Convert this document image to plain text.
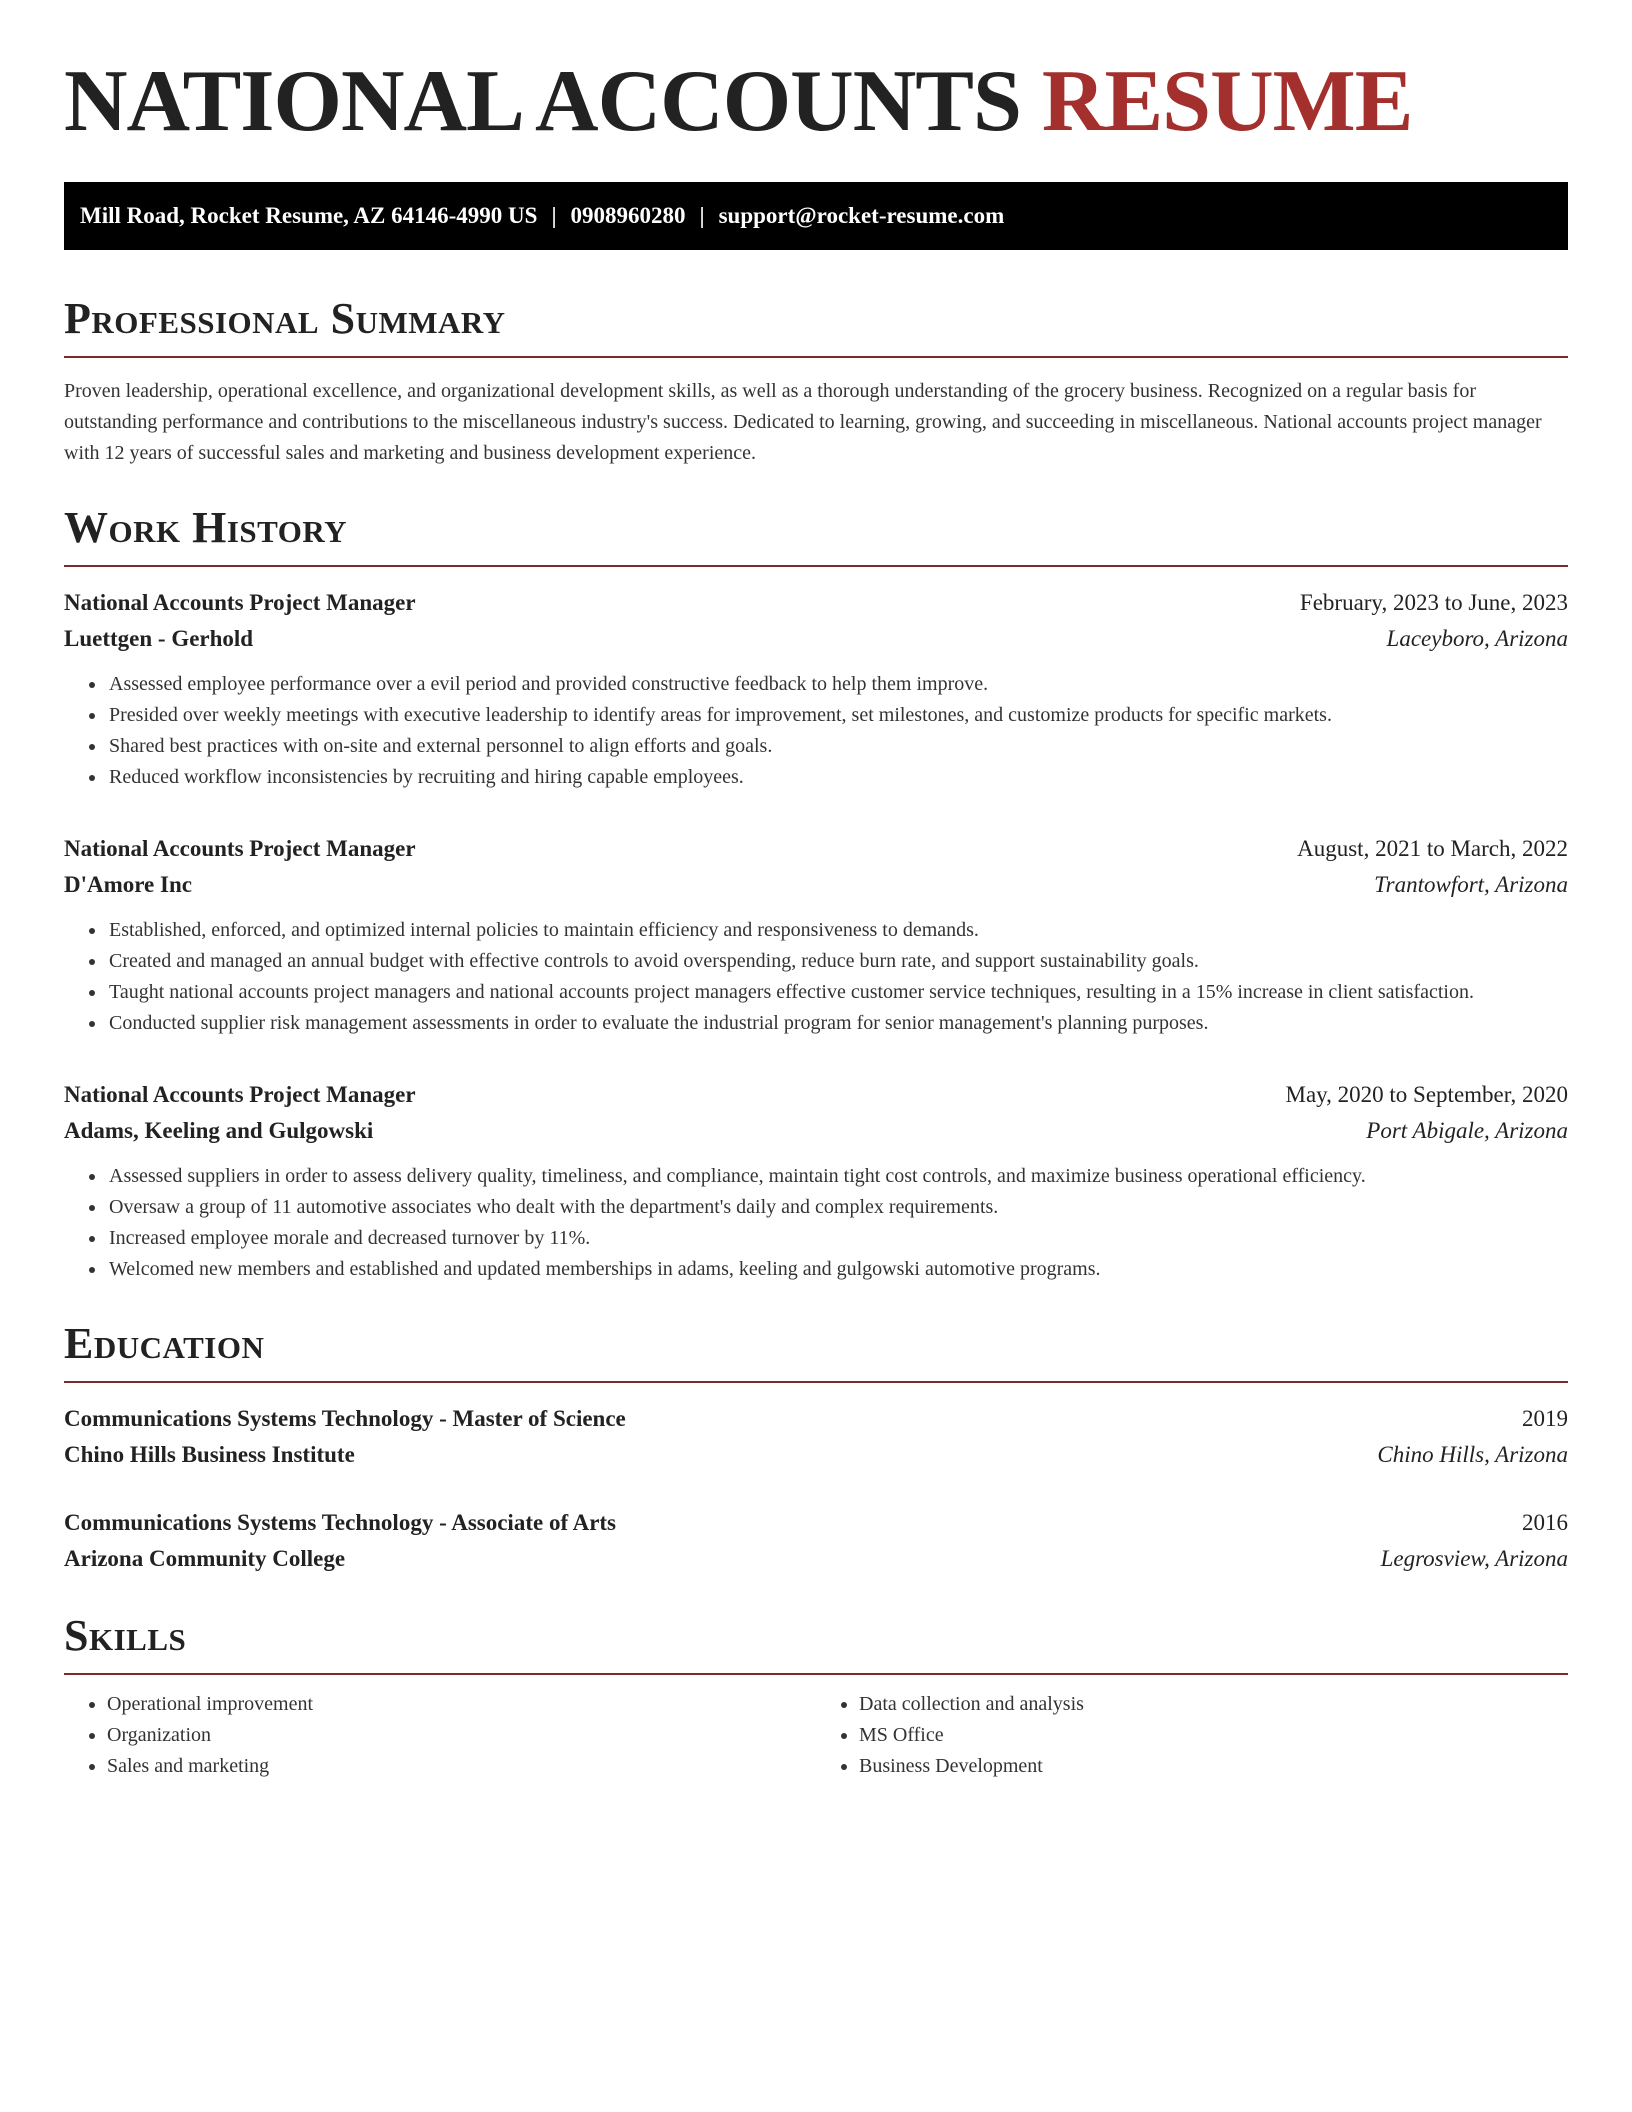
NATIONAL ACCOUNTS RESUME
Mill Road, Rocket Resume, AZ 64146-4990 US | 0908960280 | support@rocket-resume.com
Professional Summary

Proven leadership, operational excellence, and organizational development skills, as well as a thorough understanding of the grocery business. Recognized on a regular basis for outstanding performance and contributions to the miscellaneous industry's success. Dedicated to learning, growing, and succeeding in miscellaneous. National accounts project manager with 12 years of successful sales and marketing and business development experience.

Work History
National Accounts Project Manager	February, 2023 to June, 2023
Luettgen - Gerhold	Laceyboro, Arizona
• Assessed employee performance over a evil period and provided constructive feedback to help them improve.
• Presided over weekly meetings with executive leadership to identify areas for improvement, set milestones, and customize products for specific markets.
• Shared best practices with on-site and external personnel to align efforts and goals.
• Reduced workflow inconsistencies by recruiting and hiring capable employees.
National Accounts Project Manager	August, 2021 to March, 2022
D'Amore Inc	Trantowfort, Arizona
• Established, enforced, and optimized internal policies to maintain efficiency and responsiveness to demands.
• Created and managed an annual budget with effective controls to avoid overspending, reduce burn rate, and support sustainability goals.
• Taught national accounts project managers and national accounts project managers effective customer service techniques, resulting in a 15% increase in client satisfaction.
• Conducted supplier risk management assessments in order to evaluate the industrial program for senior management's planning purposes.
National Accounts Project Manager	May, 2020 to September, 2020
Adams, Keeling and Gulgowski	Port Abigale, Arizona
• Assessed suppliers in order to assess delivery quality, timeliness, and compliance, maintain tight cost controls, and maximize business operational efficiency.
• Oversaw a group of 11 automotive associates who dealt with the department's daily and complex requirements.
• Increased employee morale and decreased turnover by 11%.
• Welcomed new members and established and updated memberships in adams, keeling and gulgowski automotive programs.
Education
Communications Systems Technology - Master of Science	2019
Chino Hills Business Institute	Chino Hills, Arizona
Communications Systems Technology - Associate of Arts	2016
Arizona Community College	Legrosview, Arizona
Skills
• Operational improvement
• Organization
• Sales and marketing
• Data collection and analysis
• MS Office
• Business Development
